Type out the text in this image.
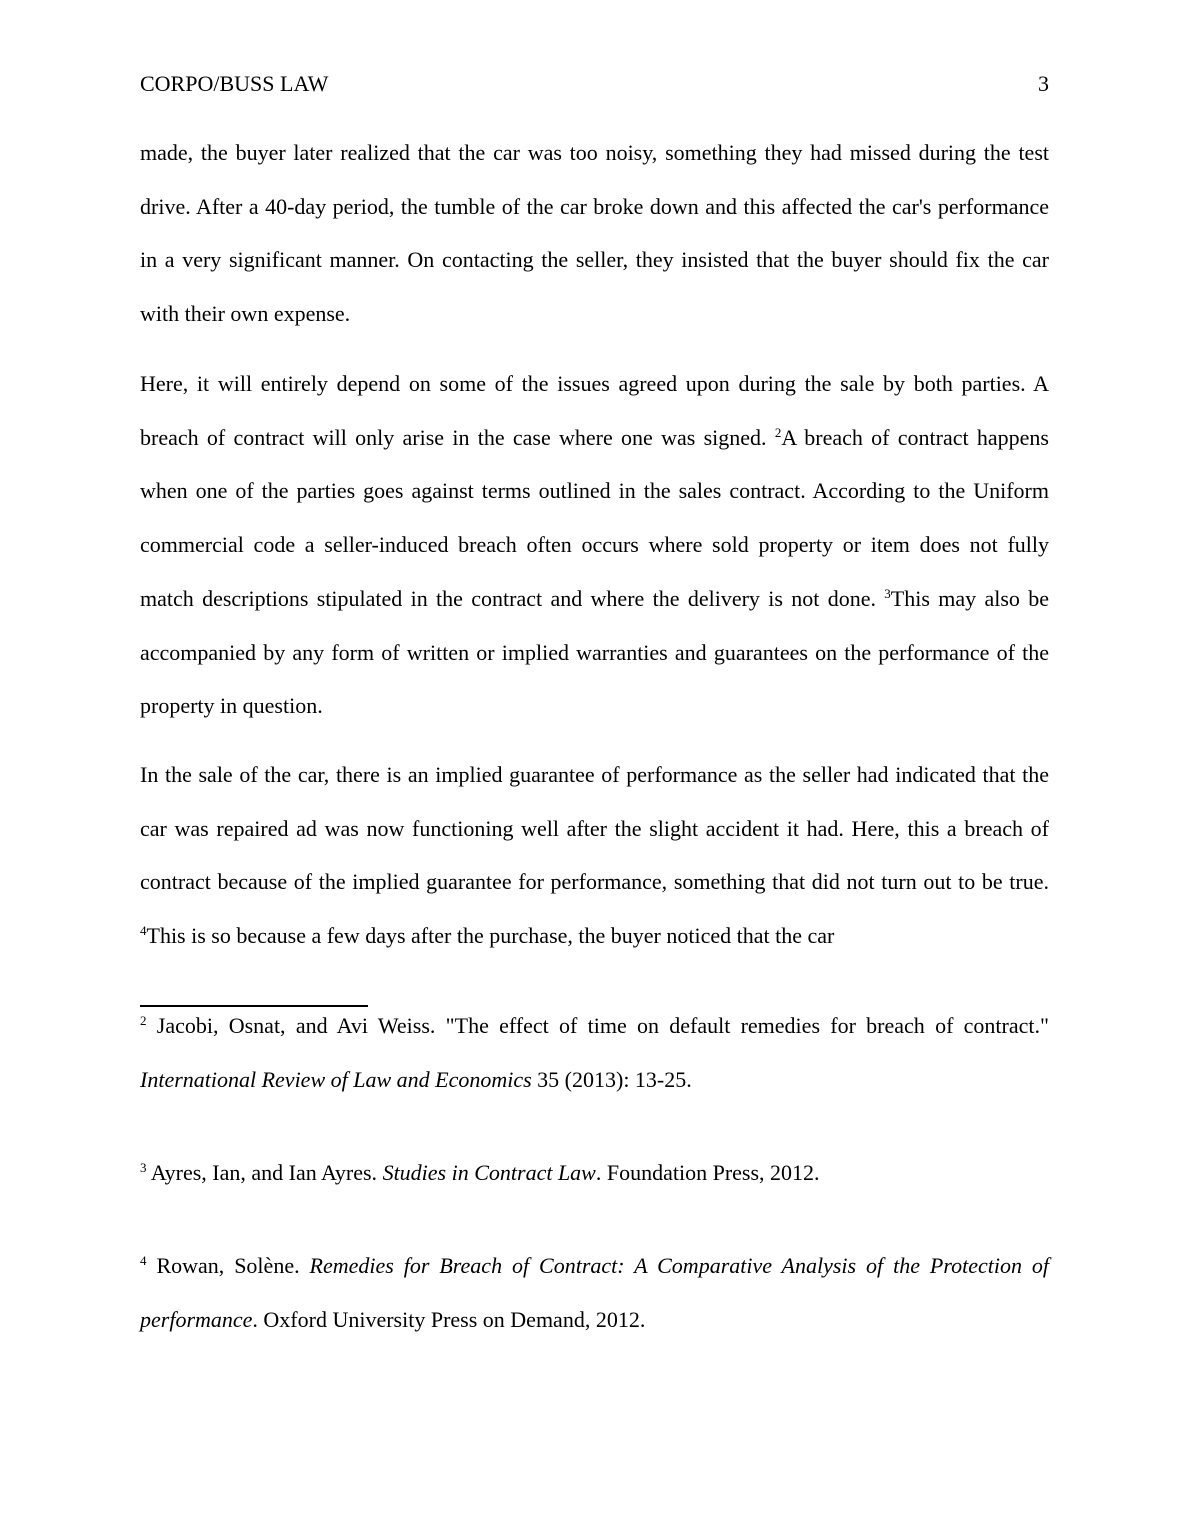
CORPO/BUSS LAW	3

made, the buyer later realized that the car was too noisy, something they had missed during the test drive. After a 40-day period, the tumble of the car broke down and this affected the car's performance in a very significant manner. On contacting the seller, they insisted that the buyer should fix the car with their own expense.

Here, it will entirely depend on some of the issues agreed upon during the sale by both parties. A breach of contract will only arise in the case where one was signed. $^2$A breach of contract happens when one of the parties goes against terms outlined in the sales contract. According to the Uniform commercial code a seller-induced breach often occurs where sold property or item does not fully match descriptions stipulated in the contract and where the delivery is not done. $^3$This may also be accompanied by any form of written or implied warranties and guarantees on the performance of the property in question.

In the sale of the car, there is an implied guarantee of performance as the seller had indicated that the car was repaired ad was now functioning well after the slight accident it had. Here, this a breach of contract because of the implied guarantee for performance, something that did not turn out to be true. $^4$This is so because a few days after the purchase, the buyer noticed that the car

$^2$ Jacobi, Osnat, and Avi Weiss. "The effect of time on default remedies for breach of contract." International Review of Law and Economics 35 (2013): 13-25.

$^3$ Ayres, Ian, and Ian Ayres. Studies in Contract Law. Foundation Press, 2012.

$^4$ Rowan, Solène. Remedies for Breach of Contract: A Comparative Analysis of the Protection of performance. Oxford University Press on Demand, 2012.
